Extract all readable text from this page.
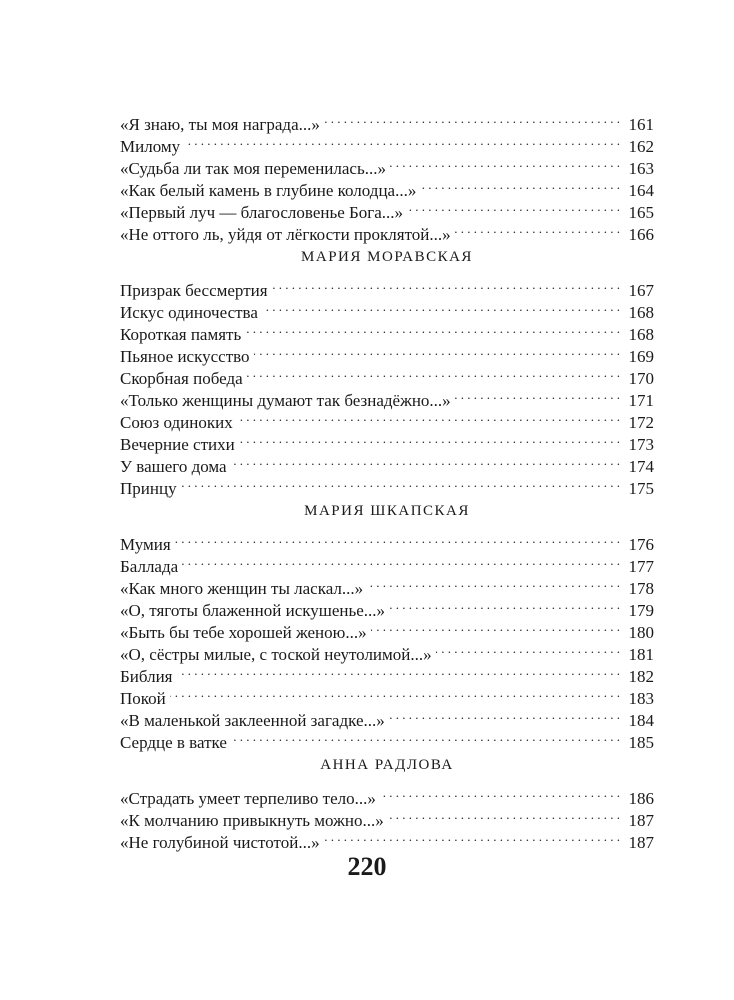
«Я знаю, ты моя награда...» . . .	161
Милому . . .	162
«Судьба ли так моя переменилась...» . . .	163
«Как белый камень в глубине колодца...» . . .	164
«Первый луч — благословенье Бога...» . . .	165
«Не оттого ль, уйдя от лёгкости проклятой...» . . .	166
МАРИЯ МОРАВСКАЯ
Призрак бессмертия . . .	167
Искус одиночества . . .	168
Короткая память . . .	168
Пьяное искусство . . .	169
Скорбная победа . . .	170
«Только женщины думают так безнадёжно...» . . .	171
Союз одиноких . . .	172
Вечерние стихи . . .	173
У вашего дома . . .	174
Принцу . . .	175
МАРИЯ ШКАПСКАЯ
Мумия . . .	176
Баллада . . .	177
«Как много женщин ты ласкал...» . . .	178
«О, тяготы блаженной искушенье...» . . .	179
«Быть бы тебе хорошей женою...» . . .	180
«О, сёстры милые, с тоской неутолимой...» . . .	181
Библия . . .	182
Покой . . .	183
«В маленькой заклеенной загадке...» . . .	184
Сердце в ватке . . .	185
АННА РАДЛОВА
«Страдать умеет терпеливо тело...» . . .	186
«К молчанию привыкнуть можно...» . . .	187
«Не голубиной чистотой...» . . .	187
220
